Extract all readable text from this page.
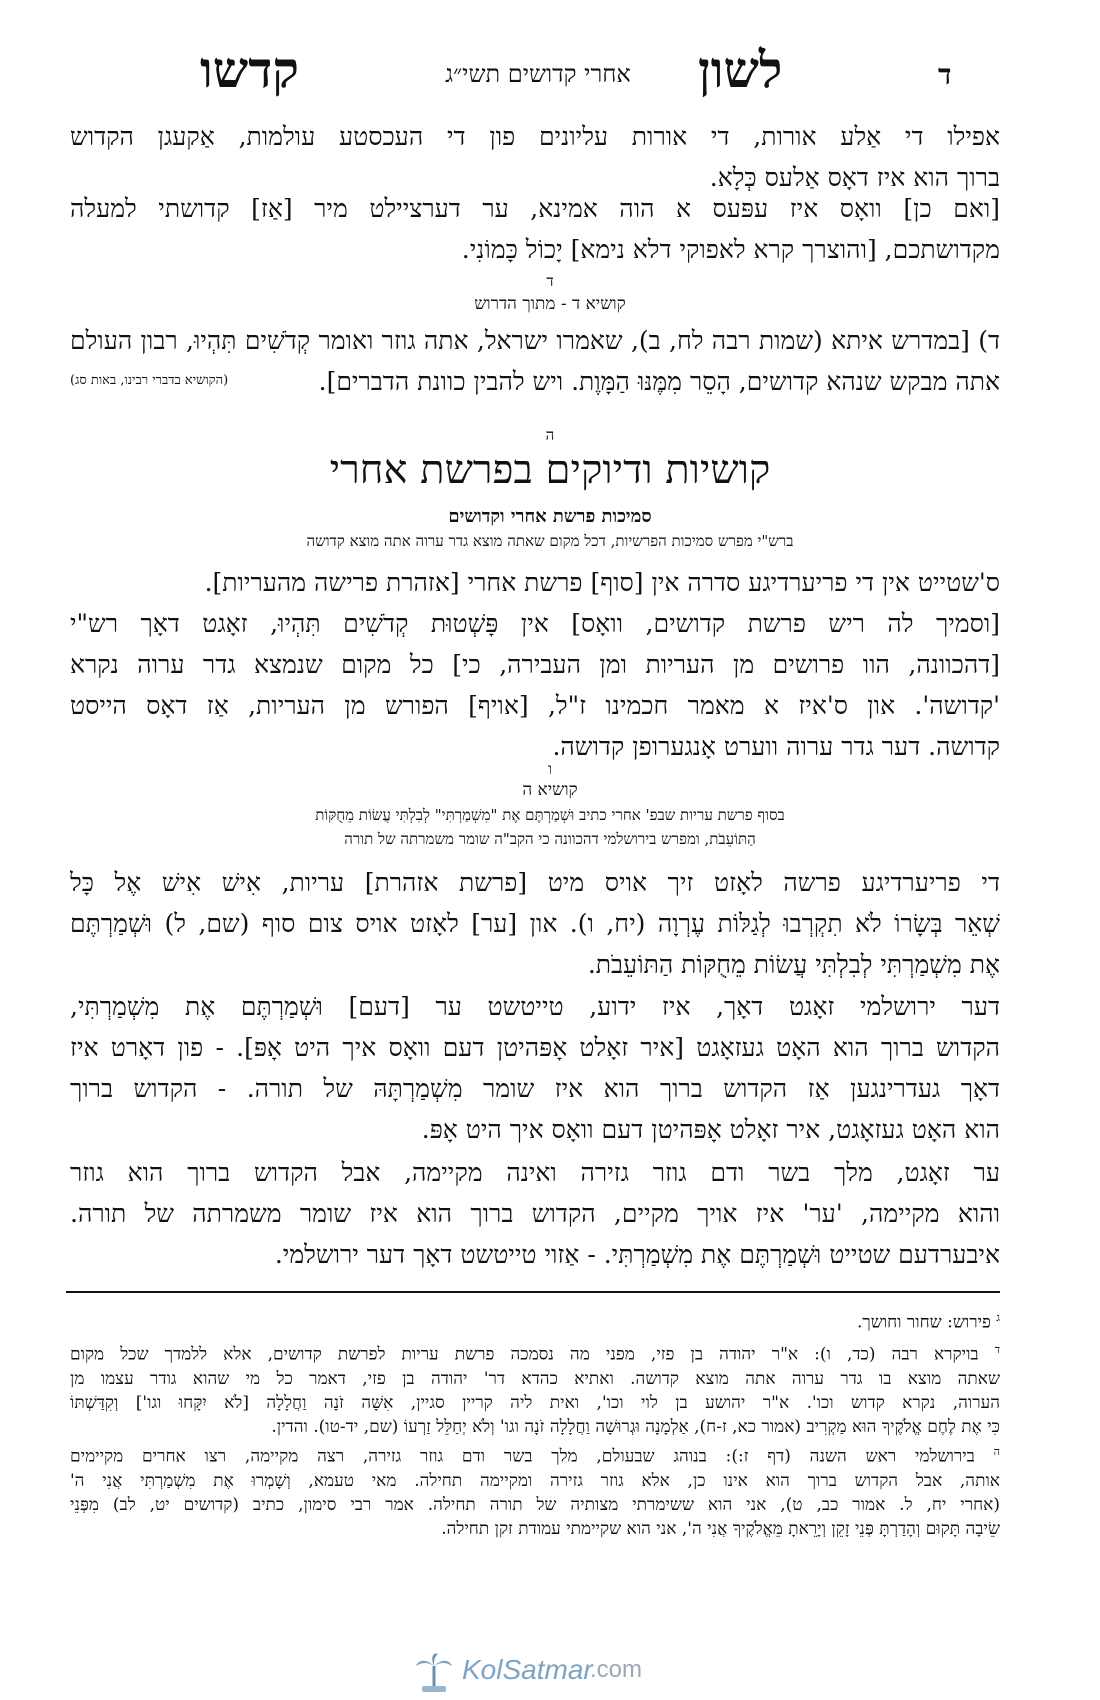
ד
לשון
אחרי קדושים תשי״ג
קדשו
אפילו די אַלע אורות, די אורות עליונים פון די העכסטע עולמות, אַקעגן הקדוש
ברוך הוא איז דאָס אַלעס כְּלָא.
[ואם כן] וואָס איז עפּעס א הוה אמינא, ער דערציילט מיר [אַז] קדושתי למעלה
מקדושתכם, [והוצרך קרא לאפוקי דלא נימא] יָכוֹל כָּמוֹנִי.
ד
קושיא ד - מתוך הדרוש
ד) [במדרש איתא (שמות רבה לח, ב), שאמרו ישראל, אתה גוזר ואומר קְדֹשִׁים תִּהְיוּ, רבון העולם
אתה מבקש שנהא קדושים, הָסֵר מִמֶּנּוּ הַמָּוֶת. ויש להבין כוונת הדברים].
(הקושיא בדברי רבינו, באות סג)
ה
קושיות ודיוקים בפרשת אחרי
סמיכות פרשת אחרי וקדושים
ברש"י מפרש סמיכות הפרשיות, דכל מקום שאתה מוצא גדר ערוה אתה מוצא קדושה
ס'שטייט אין די פריערדיגע סדרה אין [סוף] פרשת אחרי [אזהרת פרישה מהעריות].
[וסמיך לה ריש פרשת קדושים, וואָס] אין פָּשְׁטוּת קְדֹשִׁים תִּהְיוּ, זאָגט דאָך רש"י
[דהכוונה, הוו פרושים מן העריות ומן העבירה, כי] כל מקום שנמצא גדר ערוה נקרא
'קדושה'. און ס'איז א מאמר חכמינו ז"ל, [אויף] הפורש מן העריות, אַז דאָס הייסט
קדושה. דער גדר ערוה ווערט אָנגערופן קדושה.
ו
קושיא ה
בסוף פרשת עריות שבפ' אחרי כתיב וּשְׁמַרְתֶּם אֶת "מִשְׁמַרְתִּי" לְבִלְתִּי עֲשׂוֹת מֵחֻקּוֹת
הַתּוֹעֵבֹת, ומפרש בירושלמי דהכוונה כי הקב"ה שומר משמרתה של תורה
די פריערדיגע פרשה לאָזט זיך אויס מיט [פרשת אזהרת] עריות, אִישׁ אִישׁ אֶל כָּל
שְׁאֵר בְּשָׂרוֹ לֹא תִקְרְבוּ לְגַלּוֹת עֶרְוָה (יח, ו). און [ער] לאָזט אויס צום סוף (שם, ל) וּשְׁמַרְתֶּם
אֶת מִשְׁמַרְתִּי לְבִלְתִּי עֲשׂוֹת מֵחֻקּוֹת הַתּוֹעֵבֹת.
דער ירושלמי זאָגט דאָך, איז ידוע, טייטשט ער [דעם] וּשְׁמַרְתֶּם אֶת מִשְׁמַרְתִּי,
הקדוש ברוך הוא האָט געזאָגט [איר זאָלט אָפּהיטן דעם וואָס איך היט אָפּ]. - פון דאָרט איז
דאָך געדרינגען אַז הקדוש ברוך הוא איז שומר מִשְׁמַרְתָּהּ של תורה. - הקדוש ברוך
הוא האָט געזאָגט, איר זאָלט אָפּהיטן דעם וואָס איך היט אָפּ.
ער זאָגט, מלך בשר ודם גוזר גזירה ואינה מקיימה, אבל הקדוש ברוך הוא גוזר
והוא מקיימה, 'ער' איז אויך מקיים, הקדוש ברוך הוא איז שומר משמרתה של תורה.
איבערדעם שטייט וּשְׁמַרְתֶּם אֶת מִשְׁמַרְתִּי. - אַזוי טייטשט דאָך דער ירושלמי.
$^ג$ פירוש: שחור וחושך.
$^ד$ בויקרא רבה (כד, ו): א"ר יהודה בן פזי, מפני מה נסמכה פרשת עריות לפרשת קדושים, אלא ללמדך שכל מקום
שאתה מוצא בו גדר ערוה אתה מוצא קדושה. ואתיא כהדא דר' יהודה בן פזי, דאמר כל מי שהוא גודר עצמו מן
הערוה, נקרא קדוש וכו'. א"ר יהושע בן לוי וכו', ואית ליה קריין סגיין, אִשָּׁה זֹנָה וַחֲלָלָה [לֹא יִקָּחוּ וגו'] וְקִדַּשְׁתּוֹ
כִּי אֶת לֶחֶם אֱלֹקֶיךָ הוּא מַקְרִיב (אמור כא, ז-ח), אַלְמָנָה וּגְרוּשָׁה וַחֲלָלָה זֹנָה וגו' וְלֹא יְחַלֵּל זַרְעוֹ (שם, יד-טו). והדין.
$^ה$ בירושלמי ראש השנה (דף ז:): בנוהג שבעולם, מלך בשר ודם גוזר גזירה, רצה מקיימה, רצו אחרים מקיימים
אותה, אבל הקדוש ברוך הוא אינו כן, אלא גוזר גזירה ומקיימה תחילה. מאי טעמא, וְשָׁמְרוּ אֶת מִשְׁמַרְתִּי אֲנִי ה'
(אחרי יח, ל. אמור כב, ט), אני הוא ששימרתי מצותיה של תורה תחילה. אמר רבי סימון, כתיב (קדושים יט, לב) מִפְּנֵי
שֵׂיבָה תָּקוּם וְהָדַרְתָּ פְּנֵי זָקֵן וְיָרֵאתָ מֵּאֱלֹקֶיךָ אֲנִי ה', אני הוא שקיימתי עמודת זקן תחילה.
KolSatmar
.com
